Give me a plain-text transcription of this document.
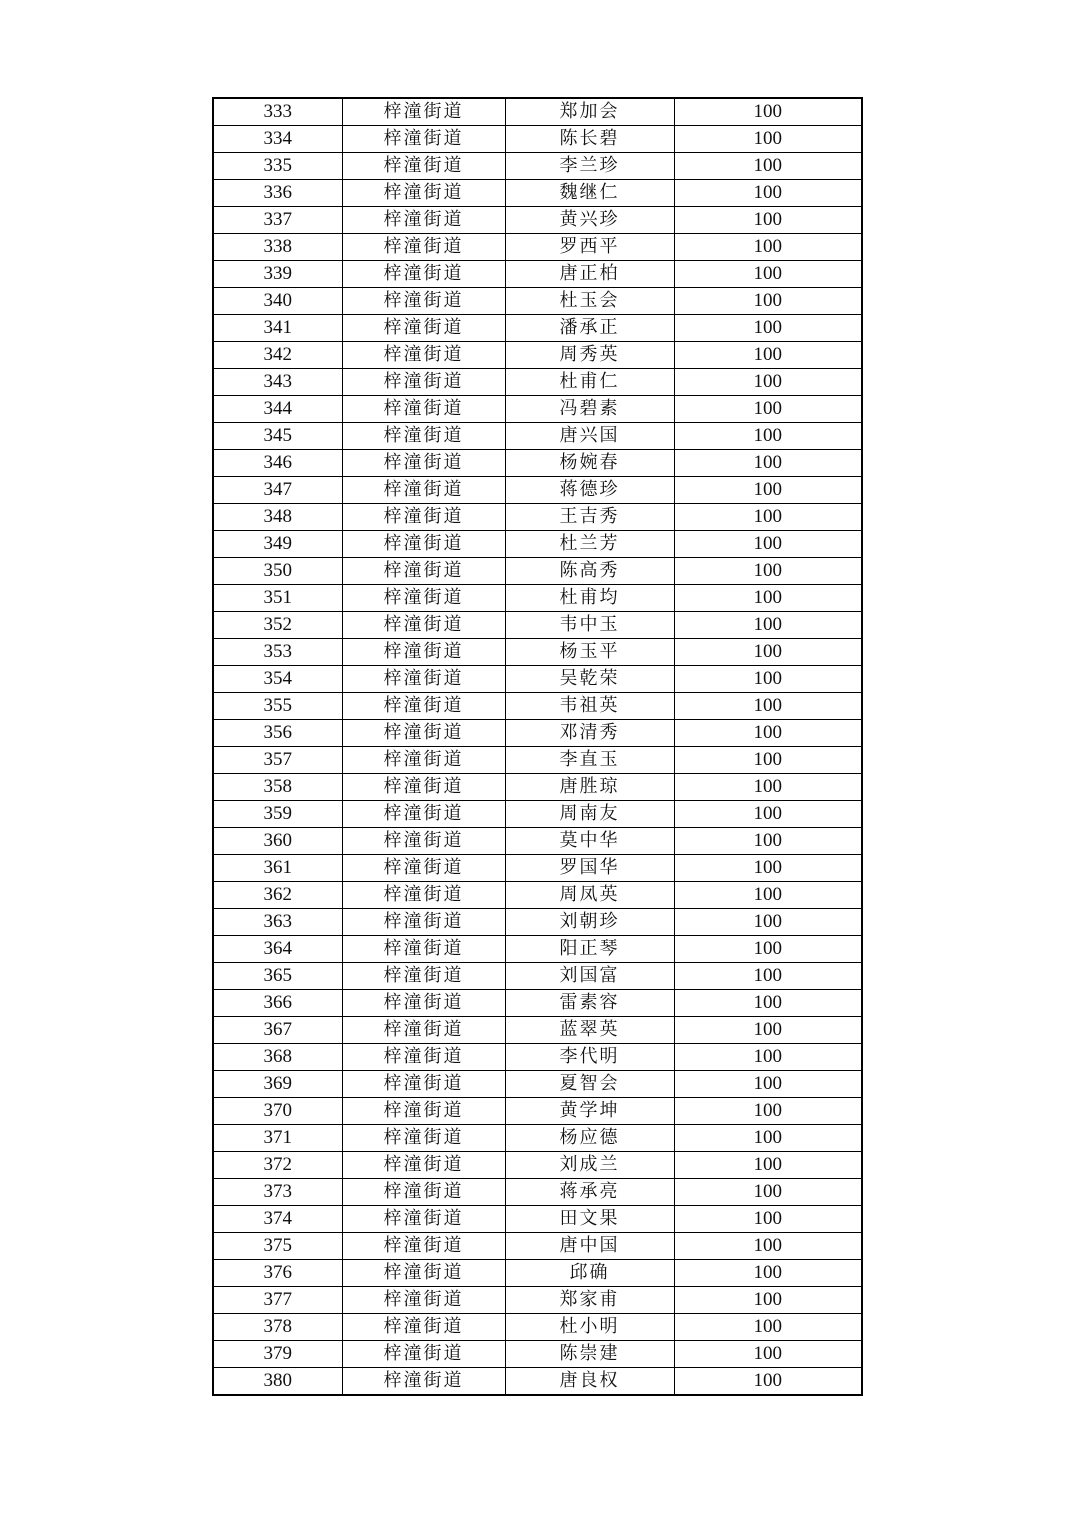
333	梓潼街道	郑加会	100
334	梓潼街道	陈长碧	100
335	梓潼街道	李兰珍	100
336	梓潼街道	魏继仁	100
337	梓潼街道	黄兴珍	100
338	梓潼街道	罗西平	100
339	梓潼街道	唐正柏	100
340	梓潼街道	杜玉会	100
341	梓潼街道	潘承正	100
342	梓潼街道	周秀英	100
343	梓潼街道	杜甫仁	100
344	梓潼街道	冯碧素	100
345	梓潼街道	唐兴国	100
346	梓潼街道	杨婉春	100
347	梓潼街道	蒋德珍	100
348	梓潼街道	王吉秀	100
349	梓潼街道	杜兰芳	100
350	梓潼街道	陈高秀	100
351	梓潼街道	杜甫均	100
352	梓潼街道	韦中玉	100
353	梓潼街道	杨玉平	100
354	梓潼街道	吴乾荣	100
355	梓潼街道	韦祖英	100
356	梓潼街道	邓清秀	100
357	梓潼街道	李直玉	100
358	梓潼街道	唐胜琼	100
359	梓潼街道	周南友	100
360	梓潼街道	莫中华	100
361	梓潼街道	罗国华	100
362	梓潼街道	周凤英	100
363	梓潼街道	刘朝珍	100
364	梓潼街道	阳正琴	100
365	梓潼街道	刘国富	100
366	梓潼街道	雷素容	100
367	梓潼街道	蓝翠英	100
368	梓潼街道	李代明	100
369	梓潼街道	夏智会	100
370	梓潼街道	黄学坤	100
371	梓潼街道	杨应德	100
372	梓潼街道	刘成兰	100
373	梓潼街道	蒋承亮	100
374	梓潼街道	田文果	100
375	梓潼街道	唐中国	100
376	梓潼街道	邱确	100
377	梓潼街道	郑家甫	100
378	梓潼街道	杜小明	100
379	梓潼街道	陈崇建	100
380	梓潼街道	唐良权	100
